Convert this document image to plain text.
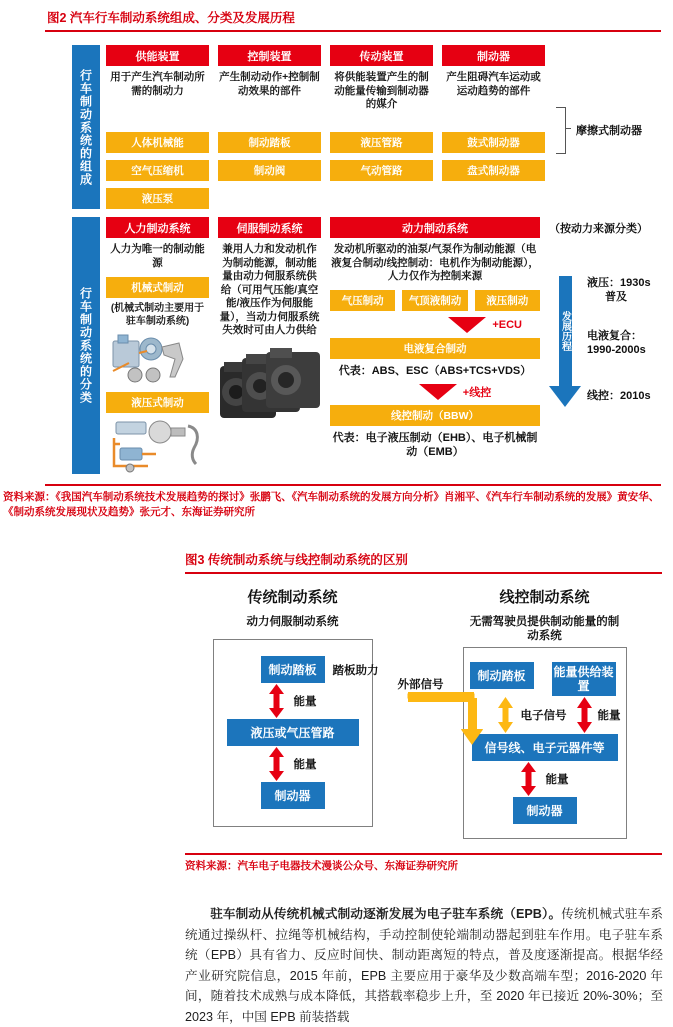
图2 汽车行车制动系统组成、分类及发展历程
行车制动系统的组成
供能装置
用于产生汽车制动所需的制动力
人体机械能
空气压缩机
液压泵
控制装置
产生制动动作+控制制动效果的部件
制动踏板
制动阀
传动装置
将供能装置产生的制动能量传输到制动器的媒介
液压管路
气动管路
制动器
产生阻碍汽车运动或运动趋势的部件
鼓式制动器
盘式制动器
摩擦式制动器
行车制动系统的分类
人力制动系统
人力为唯一的制动能源
机械式制动
(机械式制动主要用于驻车制动系统)
液压式制动
伺服制动系统
兼用人力和发动机作为制动能源，制动能量由动力伺服系统供给（可用气压能/真空能/液压作为伺服能量），当动力伺服系统失效时可由人力供给
动力制动系统
发动机所驱动的油泵/气泵作为制动能源（电液复合制动/线控制动：电机作为制动能源），人力仅作为控制来源
气压制动	气顶液制动	液压制动
+ECU
电液复合制动
代表：ABS、ESC（ABS+TCS+VDS）
+线控
线控制动（BBW）
代表：电子液压制动（EHB）、电子机械制动（EMB）
（按动力来源分类）
发展历程
液压：1930s
普及
电液复合：
1990-2000s
线控：2010s
资料来源：《我国汽车制动系统技术发展趋势的探讨》张鹏飞、《汽车制动系统的发展方向分析》肖湘平、《汽车行车制动系统的发展》黄安华、《制动系统发展现状及趋势》张元才、东海证券研究所
图3 传统制动系统与线控制动系统的区别
传统制动系统
动力伺服制动系统
制动踏板	踏板助力
能量
液压或气压管路
能量
制动器
线控制动系统
无需驾驶员提供制动能量的制动系统
外部信号
制动踏板	能量供给装置
电子信号	能量
信号线、电子元器件等
能量
制动器
资料来源：汽车电子电器技术漫谈公众号、东海证券研究所

驻车制动从传统机械式制动逐渐发展为电子驻车系统（EPB）。传统机械式驻车系统通过操纵杆、拉绳等机械结构，手动控制使轮端制动器起到驻车作用。电子驻车系统（EPB）具有省力、反应时间快、制动距离短的特点，普及度逐渐提高。根据华经产业研究院信息，2015 年前，EPB 主要应用于豪华及少数高端车型；2016-2020 年间，随着技术成熟与成本降低，其搭载率稳步上升，至 2020 年已接近 20%-30%；至 2023 年，中国 EPB 前装搭载
